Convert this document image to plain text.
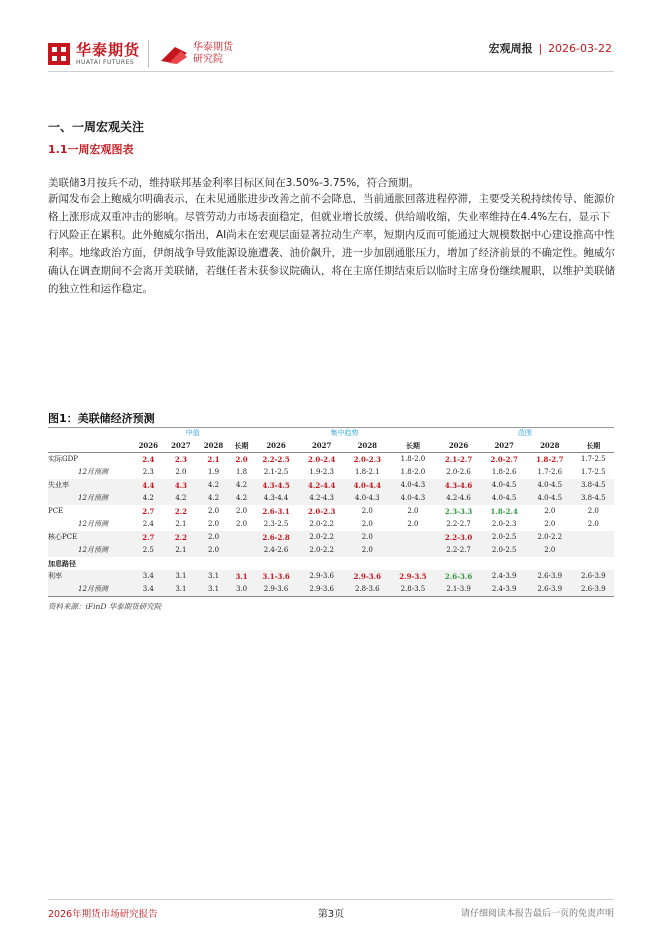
华泰期货
HUATAI FUTURES
华泰期货
研究院
宏观周报 | 2026-03-22
一、一周宏观关注
1.1一周宏观图表
美联储3月按兵不动，维持联邦基金利率目标区间在3.50%-3.75%，符合预期。
新闻发布会上鲍威尔明确表示，在未见通胀进步改善之前不会降息，当前通胀回落进程停滞，主要受关税持续传导、能源价格上涨形成双重冲击的影响。尽管劳动力市场表面稳定，但就业增长放缓、供给端收缩，失业率维持在4.4%左右，显示下行风险正在累积。此外鲍威尔指出，AI尚未在宏观层面显著拉动生产率，短期内反而可能通过大规模数据中心建设推高中性利率。地缘政治方面，伊朗战争导致能源设施遭袭、油价飙升，进一步加剧通胀压力，增加了经济前景的不确定性。鲍威尔确认在调查期间不会离开美联储，若继任者未获参议院确认，将在主席任期结束后以临时主席身份继续履职，以维护美联储的独立性和运作稳定。
图1：美联储经济预测
	中值				集中趋势				范围			
	2026	2027	2028	长期	2026	2027	2028	长期	2026	2027	2028	长期
实际GDP	2.4	2.3	2.1	2.0	2.2-2.5	2.0-2.4	2.0-2.3	1.8-2.0	2.1-2.7	2.0-2.7	1.8-2.7	1.7-2.5
12月预测	2.3	2.0	1.9	1.8	2.1-2.5	1.9-2.3	1.8-2.1	1.8-2.0	2.0-2.6	1.8-2.6	1.7-2.6	1.7-2.5
失业率	4.4	4.3	4.2	4.2	4.3-4.5	4.2-4.4	4.0-4.4	4.0-4.3	4.3-4.6	4.0-4.5	4.0-4.5	3.8-4.5
12月预测	4.2	4.2	4.2	4.2	4.3-4.4	4.2-4.3	4.0-4.3	4.0-4.3	4.2-4.6	4.0-4.5	4.0-4.5	3.8-4.5
PCE	2.7	2.2	2.0	2.0	2.6-3.1	2.0-2.3	2.0	2.0	2.3-3.3	1.8-2.4	2.0	2.0
12月预测	2.4	2.1	2.0	2.0	2.3-2.5	2.0-2.2	2.0	2.0	2.2-2.7	2.0-2.3	2.0	2.0
核心PCE	2.7	2.2	2.0		2.6-2.8	2.0-2.2	2.0		2.2-3.0	2.0-2.5	2.0-2.2	
12月预测	2.5	2.1	2.0		2.4-2.6	2.0-2.2	2.0		2.2-2.7	2.0-2.5	2.0	
加息路径												
利率	3.4	3.1	3.1	3.1	3.1-3.6	2.9-3.6	2.9-3.6	2.9-3.5	2.6-3.6	2.4-3.9	2.6-3.9	2.6-3.9
12月预测	3.4	3.1	3.1	3.0	2.9-3.6	2.9-3.6	2.8-3.6	2.8-3.5	2.1-3.9	2.4-3.9	2.6-3.9	2.6-3.9
资料来源：iFinD 华泰期货研究院
2026年期货市场研究报告	第3页	请仔细阅读本报告最后一页的免责声明
